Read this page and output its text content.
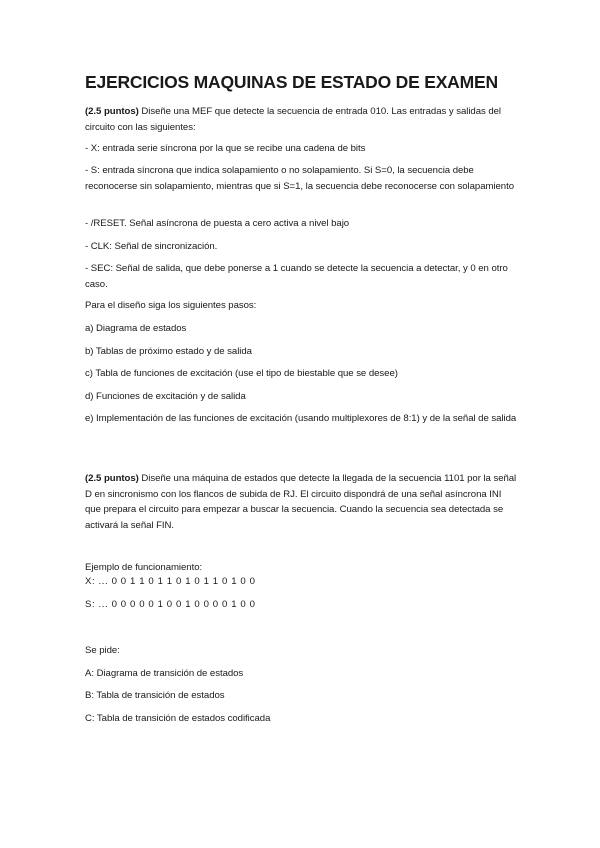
EJERCICIOS MAQUINAS DE ESTADO DE EXAMEN
(2.5 puntos) Diseñe una MEF que detecte la secuencia de entrada 010. Las entradas y salidas del circuito con las siguientes:
- X: entrada serie síncrona por la que se recibe una cadena de bits
- S: entrada síncrona que indica solapamiento o no solapamiento. Si S=0, la secuencia debe reconocerse sin solapamiento, mientras que si S=1, la secuencia debe reconocerse con solapamiento
- /RESET. Señal asíncrona de puesta a cero activa a nivel bajo
- CLK: Señal de sincronización.
- SEC: Señal de salida, que debe ponerse a 1 cuando se detecte la secuencia a detectar, y 0 en otro caso.
Para el diseño siga los siguientes pasos:
a) Diagrama de estados
b) Tablas de próximo estado y de salida
c) Tabla de funciones de excitación (use el tipo de biestable que se desee)
d) Funciones de excitación y de salida
e) Implementación de las funciones de excitación (usando multiplexores de 8:1) y de la señal de salida
(2.5 puntos) Diseñe una máquina de estados que detecte la llegada de la secuencia 1101 por la señal D en sincronismo con los flancos de subida de RJ. El circuito dispondrá de una señal asíncrona INI que prepara el circuito para empezar a buscar la secuencia. Cuando la secuencia sea detectada se activará la señal FIN.
Ejemplo de funcionamiento:
X: ... 0 0 1 1 0 1 1 0 1 0 1 1 0 1 0 0
S: ... 0 0 0 0 0 1 0 0 1 0 0 0 0 1 0 0
Se pide:
A: Diagrama de transición de estados
B: Tabla de transición de estados
C: Tabla de transición de estados codificada
